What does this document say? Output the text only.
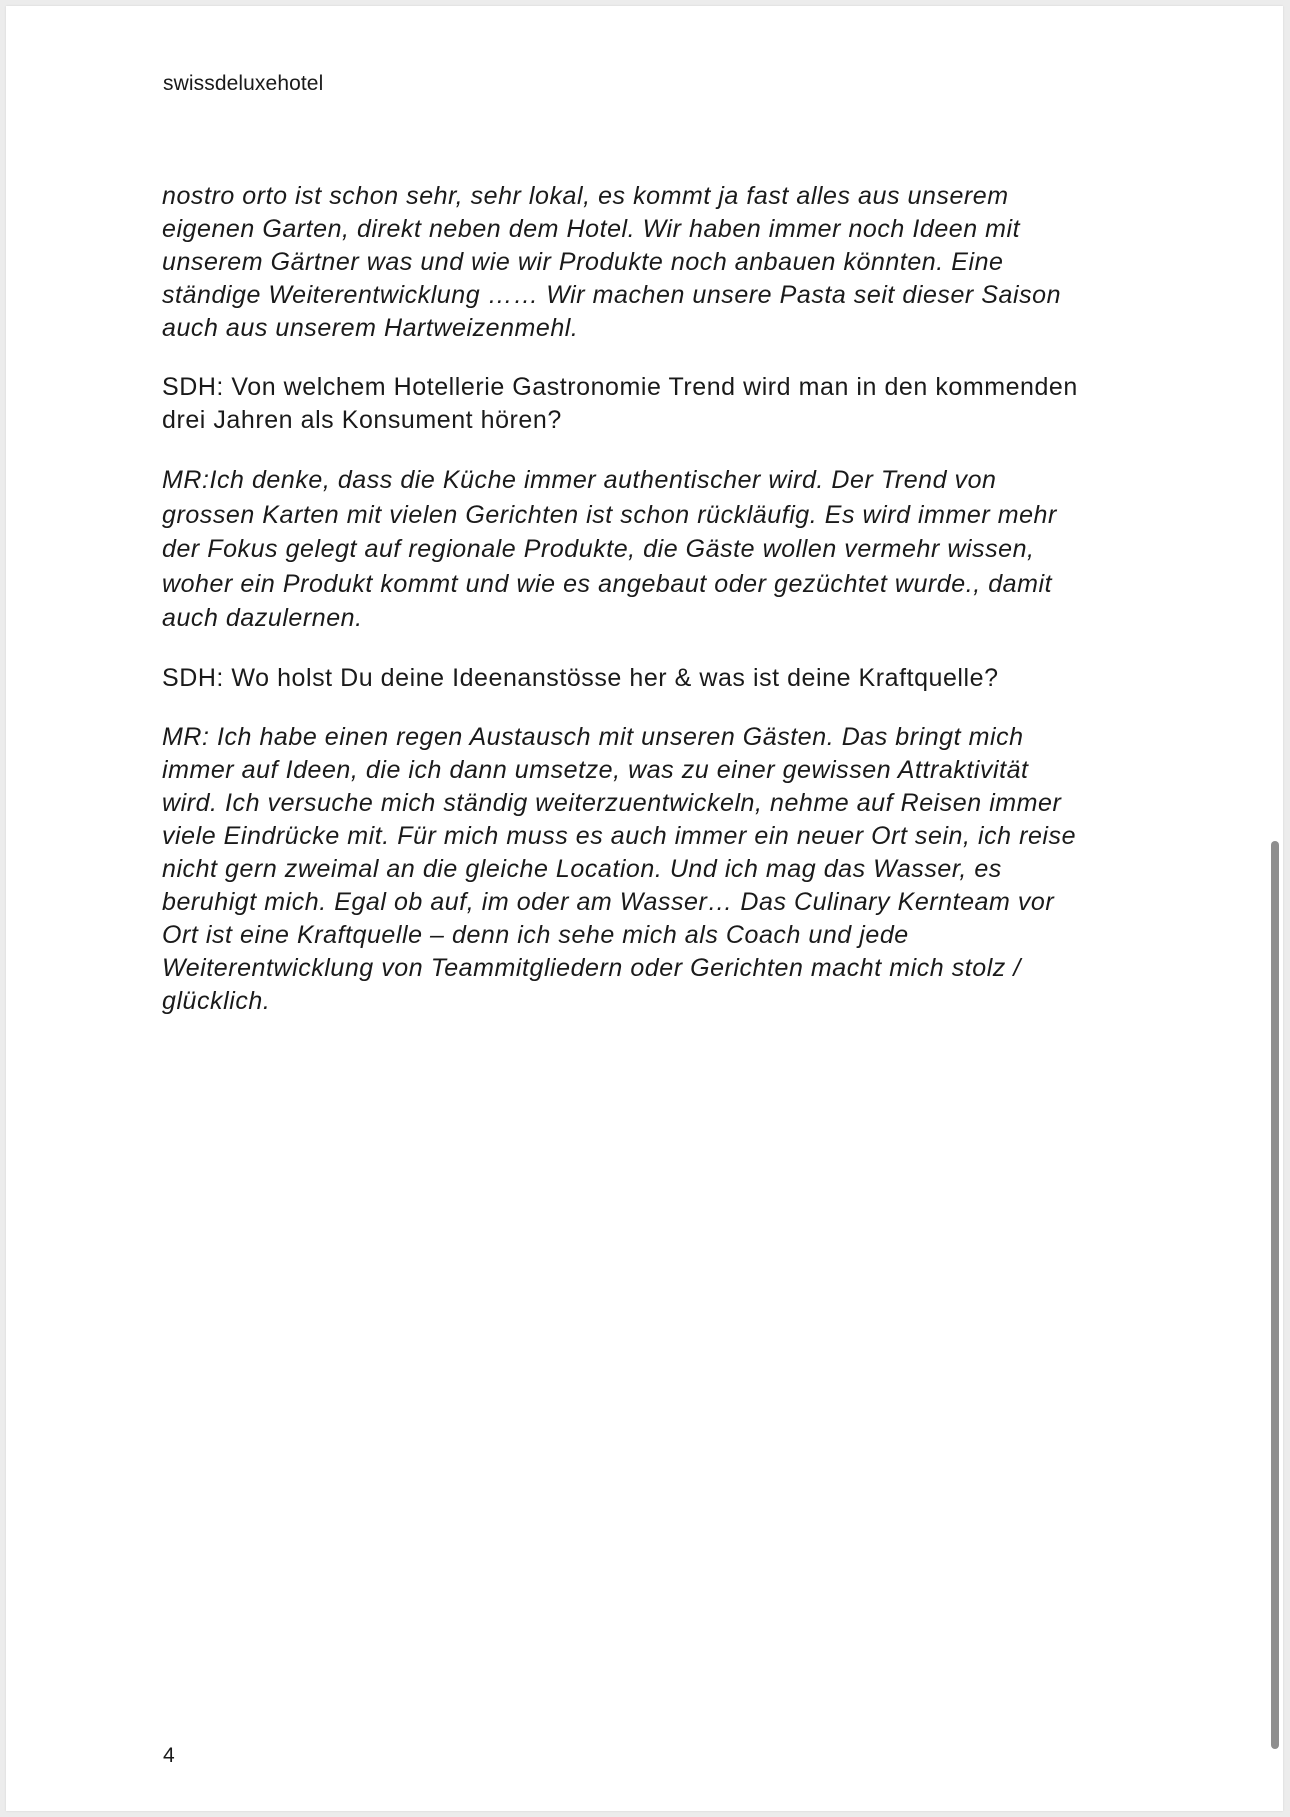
swissdeluxehotel

nostro orto ist schon sehr, sehr lokal, es kommt ja fast alles aus unserem
eigenen Garten, direkt neben dem Hotel. Wir haben immer noch Ideen mit
unserem Gärtner was und wie wir Produkte noch anbauen könnten. Eine
ständige Weiterentwicklung …… Wir machen unsere Pasta seit dieser Saison
auch aus unserem Hartweizenmehl.

SDH: Von welchem Hotellerie Gastronomie Trend wird man in den kommenden
drei Jahren als Konsument hören?

MR:Ich denke, dass die Küche immer authentischer wird. Der Trend von
grossen Karten mit vielen Gerichten ist schon rückläufig. Es wird immer mehr
der Fokus gelegt auf regionale Produkte, die Gäste wollen vermehr wissen,
woher ein Produkt kommt und wie es angebaut oder gezüchtet wurde., damit
auch dazulernen.

SDH: Wo holst Du deine Ideenanstösse her & was ist deine Kraftquelle?

MR: Ich habe einen regen Austausch mit unseren Gästen. Das bringt mich
immer auf Ideen, die ich dann umsetze, was zu einer gewissen Attraktivität
wird. Ich versuche mich ständig weiterzuentwickeln, nehme auf Reisen immer
viele Eindrücke mit. Für mich muss es auch immer ein neuer Ort sein, ich reise
nicht gern zweimal an die gleiche Location. Und ich mag das Wasser, es
beruhigt mich. Egal ob auf, im oder am Wasser… Das Culinary Kernteam vor
Ort ist eine Kraftquelle – denn ich sehe mich als Coach und jede
Weiterentwicklung von Teammitgliedern oder Gerichten macht mich stolz /
glücklich.

4
